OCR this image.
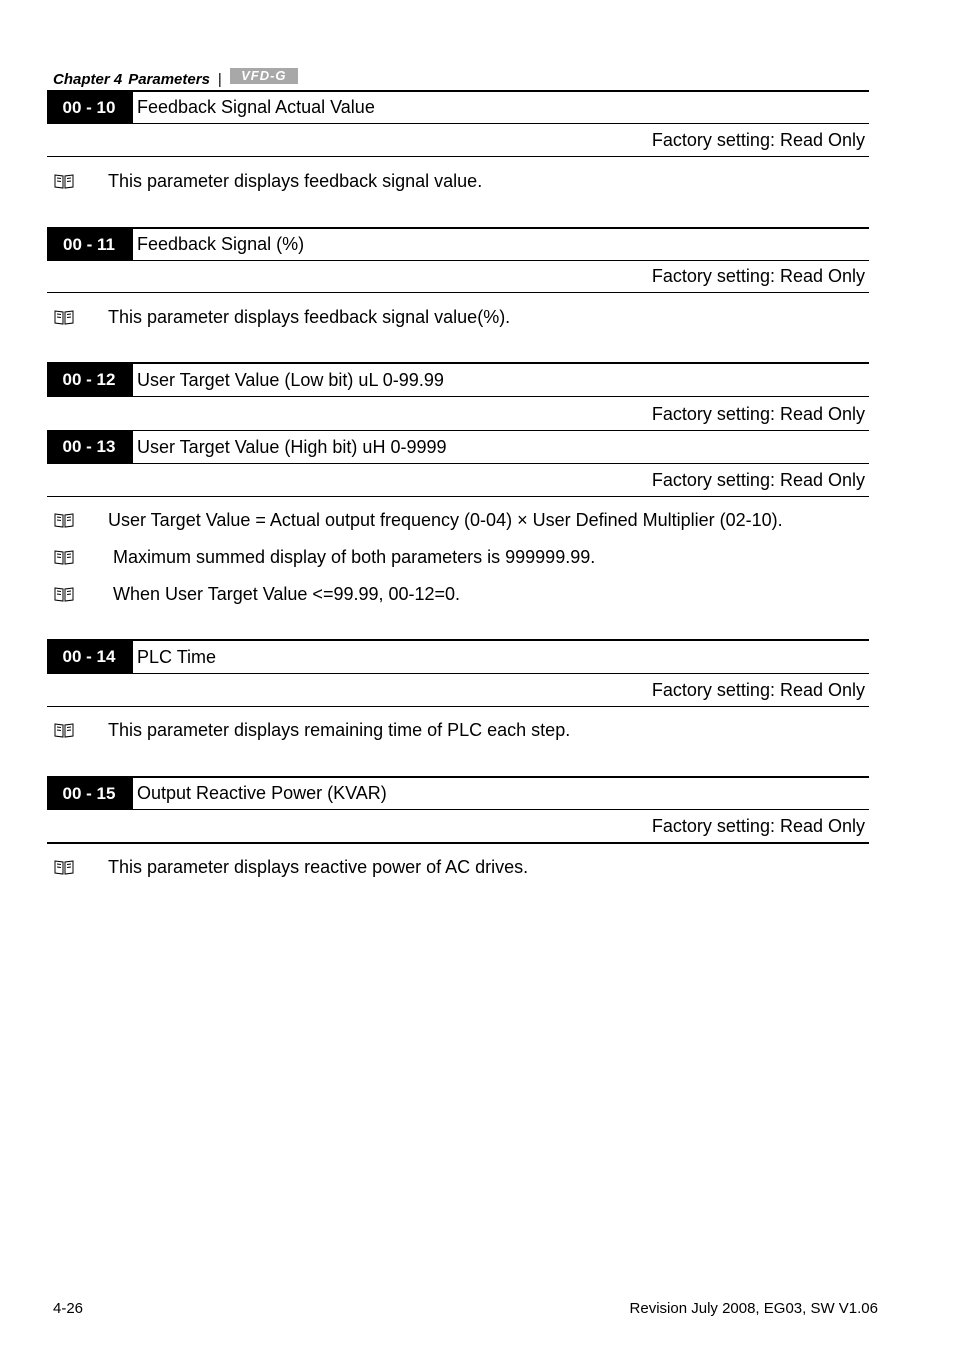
Chapter 4 Parameters |	VFD-G
00 - 10	Feedback Signal Actual Value
Factory setting: Read Only
This parameter displays feedback signal value.
00 - 11	Feedback Signal (%)
Factory setting: Read Only
This parameter displays feedback signal value(%).
00 - 12	User Target Value (Low bit) uL 0-99.99
Factory setting: Read Only
00 - 13	User Target Value (High bit) uH 0-9999
Factory setting: Read Only
User Target Value = Actual output frequency (0-04) × User Defined Multiplier (02-10).
Maximum summed display of both parameters is 999999.99.
When User Target Value <=99.99, 00-12=0.
00 - 14	PLC Time
Factory setting: Read Only
This parameter displays remaining time of PLC each step.
00 - 15	Output Reactive Power (KVAR)
Factory setting: Read Only
This parameter displays reactive power of AC drives.
4-26	Revision July 2008, EG03, SW V1.06
